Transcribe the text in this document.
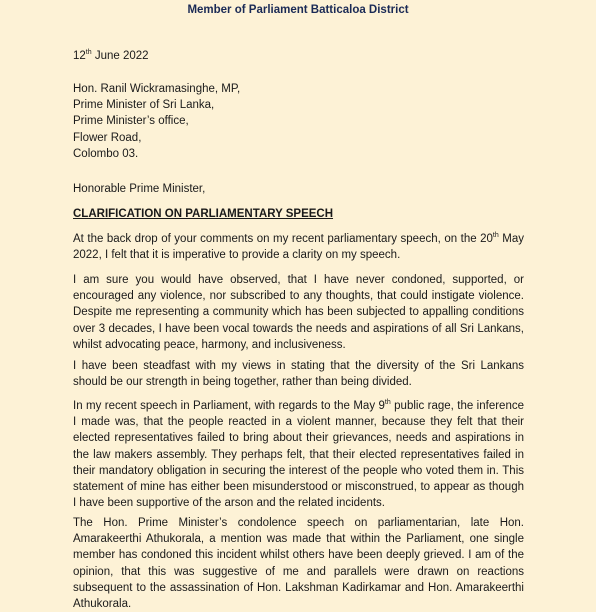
Member of Parliament Batticaloa District
12th June 2022
Hon. Ranil Wickramasinghe, MP,
Prime Minister of Sri Lanka,
Prime Minister’s office,
Flower Road,
Colombo 03.
Honorable Prime Minister,
CLARIFICATION ON PARLIAMENTARY SPEECH
At the back drop of your comments on my recent parliamentary speech, on the 20th May 2022, I felt that it is imperative to provide a clarity on my speech.
I am sure you would have observed, that I have never condoned, supported, or encouraged any violence, nor subscribed to any thoughts, that could instigate violence. Despite me representing a community which has been subjected to appalling conditions over 3 decades, I have been vocal towards the needs and aspirations of all Sri Lankans, whilst advocating peace, harmony, and inclusiveness.
I have been steadfast with my views in stating that the diversity of the Sri Lankans should be our strength in being together, rather than being divided.
In my recent speech in Parliament, with regards to the May 9th public rage, the inference I made was, that the people reacted in a violent manner, because they felt that their elected representatives failed to bring about their grievances, needs and aspirations in the law makers assembly. They perhaps felt, that their elected representatives failed in their mandatory obligation in securing the interest of the people who voted them in. This statement of mine has either been misunderstood or misconstrued, to appear as though I have been supportive of the arson and the related incidents.
The Hon. Prime Minister’s condolence speech on parliamentarian, late Hon. Amarakeerthi Athukorala, a mention was made that within the Parliament, one single member has condoned this incident whilst others have been deeply grieved. I am of the opinion, that this was suggestive of me and parallels were drawn on reactions subsequent to the assassination of Hon. Lakshman Kadirkamar and Hon. Amarakeerthi Athukorala.
